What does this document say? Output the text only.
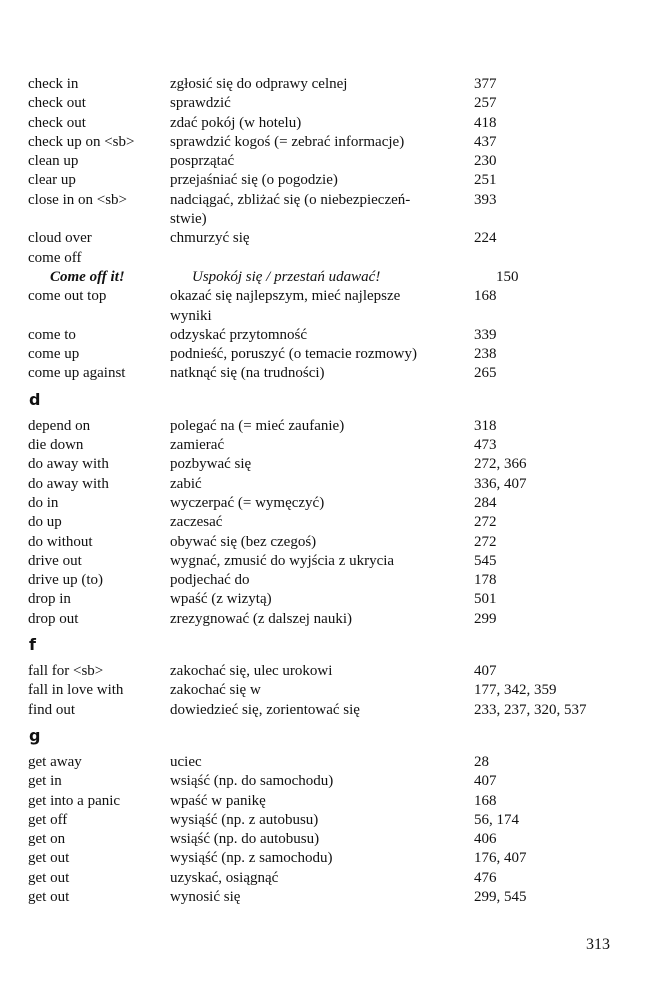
check in	zgłosić się do odprawy celnej	377
check out	sprawdzić	257
check out	zdać pokój (w hotelu)	418
check up on <sb>	sprawdzić kogoś (= zebrać informacje)	437
clean up	posprzątać	230
clear up	przejaśniać się (o pogodzie)	251
close in on <sb>	nadciągać, zbliżać się (o niebezpieczeń-	393
stwie)
cloud over	chmurzyć się	224
come off
Come off it!	Uspokój się / przestań udawać!	150
come out top	okazać się najlepszym, mieć najlepsze	168
wyniki
come to	odzyskać przytomność	339
come up	podnieść, poruszyć (o temacie rozmowy)	238
come up against	natknąć się (na trudności)	265
d
depend on	polegać na (= mieć zaufanie)	318
die down	zamierać	473
do away with	pozbywać się	272, 366
do away with	zabić	336, 407
do in	wyczerpać (= wymęczyć)	284
do up	zaczesać	272
do without	obywać się (bez czegoś)	272
drive out	wygnać, zmusić do wyjścia z ukrycia	545
drive up (to)	podjechać do	178
drop in	wpaść (z wizytą)	501
drop out	zrezygnować (z dalszej nauki)	299
f
fall for <sb>	zakochać się, ulec urokowi	407
fall in love with	zakochać się w	177, 342, 359
find out	dowiedzieć się, zorientować się	233, 237, 320, 537
g
get away	uciec	28
get in	wsiąść (np. do samochodu)	407
get into a panic	wpaść w panikę	168
get off	wysiąść (np. z autobusu)	56, 174
get on	wsiąść (np. do autobusu)	406
get out	wysiąść (np. z samochodu)	176, 407
get out	uzyskać, osiągnąć	476
get out	wynosić się	299, 545
313
